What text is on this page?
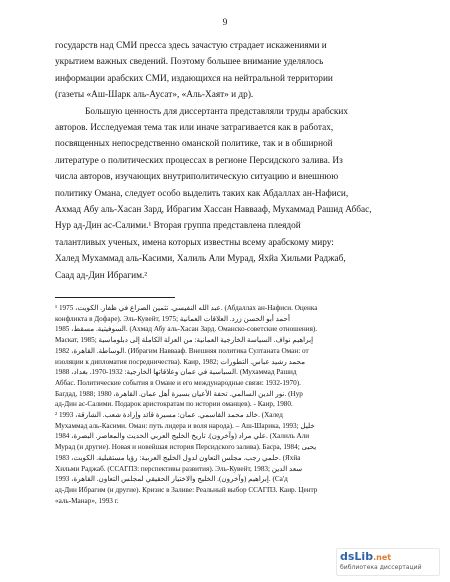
9

государств над СМИ пресса здесь зачастую страдает искажениями и

укрытием важных сведений. Поэтому большее внимание уделялось

информации арабских СМИ, издающихся на нейтральной территории

(газеты «Аш-Шарк аль-Аусат», «Аль-Хаят» и др).

Большую ценность для диссертанта представляли труды арабских

авторов. Исследуемая тема так или иначе затрагивается как в работах,

посвященных непосредственно оманской политике, так и в обширной

литературе о политических процессах в регионе Персидского залива. Из

числа авторов, изучающих внутриполитическую ситуацию и внешнюю

политику Омана, следует особо выделить таких как Абдаллах ан-Нафиси,

Ахмад Абу аль-Хасан Зард, Ибрагим Хассан Наввааф, Мухаммад Рашид Аббас,

Нур ад-Дин ас-Салими.¹ Вторая группа представлена плеядой

талантливых ученых, имена которых известны всему арабскому миру:

Халед Мухаммад аль-Касими, Халиль Али Мурад, Яхйа Хильми Раджаб,

Саад ад-Дин Ибрагим.²

¹ عبد الله النفيسي. تثمين الصراع في ظفار. الكويت، 1975. (Абдаллах ан-Нафиси. Оценка
конфликта в Дофаре). Эль-Кувейт, 1975; أحمد أبو الحسن زرد. العلاقات العمانية
السوفيتية. مسقط، 1985. (Ахмад Абу аль-Хасан Зард. Оманско-советские отношения).
Маскат, 1985; إبراهيم نواف. السياسة الخارجية العمانية: من العزلة الكاملة إلى دبلوماسية
الوساطة. القاهرة، 1982. (Ибрагим Наввааф. Внешняя политика Султаната Оман: от
изоляции к дипломатия посредничества). Каир, 1982; محمد رشيد عباس. التطورات
السياسية في عمان وعلاقاتها الخارجية: 1932-1970. بغداد، 1988. (Мухаммад Рашид
Аббас. Политические события в Омане и его международные связи: 1932-1970).
Багдад, 1988; نور الدين السالمي. تحفة الأعيان بسيرة أهل عمان. القاهرة، 1980. (Нур
ад-Дин ас-Салими. Подарок аристократам по истории оманцев). - Каир, 1980.
² خالد محمد القاسمي. عمان: مسيرة قائد وإرادة شعب. الشارقة، 1993. (Халед
Мухаммад аль-Касими. Оман: путь лидера и воля народа). – Аш-Шарика, 1993; خليل
علي مراد (وآخرون). تاريخ الخليج العربي الحديث والمعاصر. البصرة، 1984. (Халиль Али
Мурад (и другие). Новая и новейшая история Персидского залива). Басра, 1984; يحيى
حلمي رجب. مجلس التعاون لدول الخليج العربية: رؤيا مستقبلية. الكويت، 1983. (Яхйа
Хильми Раджаб. (ССАГПЗ: перспективы развития). Эль-Кувейт, 1983; سعد الدين
إبراهيم (وآخرون). الخليج والاختيار الحقيقي لمجلس التعاون. القاهرة، 1993. (Са'д
ад-Дин Ибрагим (и другие). Кризис в Заливе: Реальный выбор ССАГПЗ. Каир. Центр
«аль-Манар», 1993 г.
dsLib.net
библиотека диссертаций
